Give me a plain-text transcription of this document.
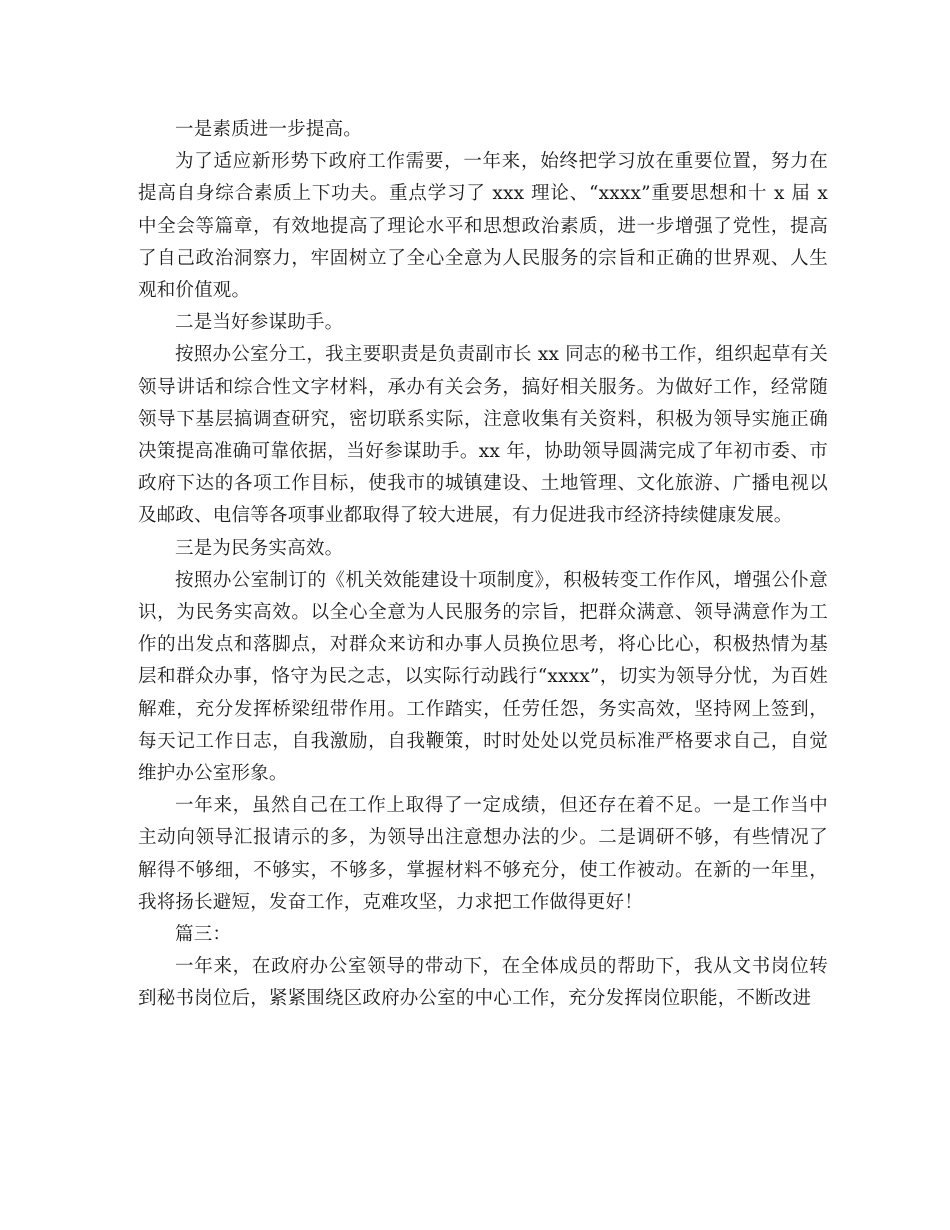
一是素质进一步提高。

为了适应新形势下政府工作需要，一年来，始终把学习放在重要位置，努力在提高自身综合素质上下功夫。重点学习了 xxx 理论、“xxxx”重要思想和十 x 届 x 中全会等篇章，有效地提高了理论水平和思想政治素质，进一步增强了党性，提高了自己政治洞察力，牢固树立了全心全意为人民服务的宗旨和正确的世界观、人生观和价值观。

二是当好参谋助手。

按照办公室分工，我主要职责是负责副市长 xx 同志的秘书工作，组织起草有关领导讲话和综合性文字材料，承办有关会务，搞好相关服务。为做好工作，经常随领导下基层搞调查研究，密切联系实际，注意收集有关资料，积极为领导实施正确决策提高准确可靠依据，当好参谋助手。xx 年，协助领导圆满完成了年初市委、市政府下达的各项工作目标，使我市的城镇建设、土地管理、文化旅游、广播电视以及邮政、电信等各项事业都取得了较大进展，有力促进我市经济持续健康发展。

三是为民务实高效。

按照办公室制订的《机关效能建设十项制度》，积极转变工作作风，增强公仆意识，为民务实高效。以全心全意为人民服务的宗旨，把群众满意、领导满意作为工作的出发点和落脚点，对群众来访和办事人员换位思考，将心比心，积极热情为基层和群众办事，恪守为民之志，以实际行动践行“xxxx”，切实为领导分忧，为百姓解难，充分发挥桥梁纽带作用。工作踏实，任劳任怨，务实高效，坚持网上签到，每天记工作日志，自我激励，自我鞭策，时时处处以党员标准严格要求自己，自觉维护办公室形象。

一年来，虽然自己在工作上取得了一定成绩，但还存在着不足。一是工作当中主动向领导汇报请示的多，为领导出注意想办法的少。二是调研不够，有些情况了解得不够细，不够实，不够多，掌握材料不够充分，使工作被动。在新的一年里，我将扬长避短，发奋工作，克难攻坚，力求把工作做得更好！

篇三：

一年来，在政府办公室领导的带动下，在全体成员的帮助下，我从文书岗位转到秘书岗位后，紧紧围绕区政府办公室的中心工作，充分发挥岗位职能，不断改进
